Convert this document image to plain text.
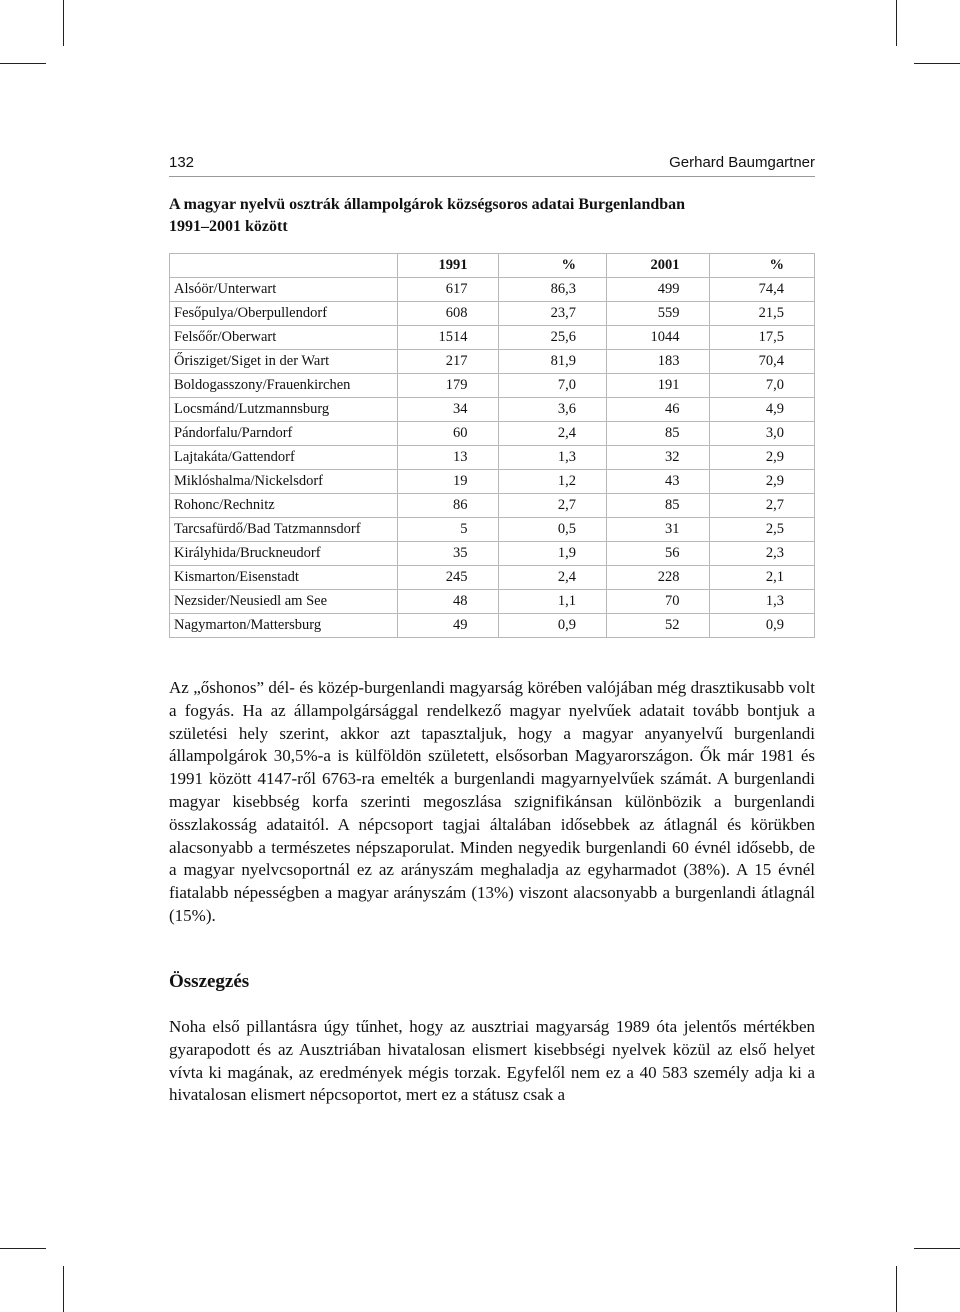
132	Gerhard Baumgartner
A magyar nyelvü osztrák állampolgárok községsoros adatai Burgenlandban
1991–2001 között
	1991	%	2001	%
Alsóör/Unterwart	617	86,3	499	74,4
Fesőpulya/Oberpullendorf	608	23,7	559	21,5
Felsőőr/Oberwart	1514	25,6	1044	17,5
Őrisziget/Siget in der Wart	217	81,9	183	70,4
Boldogasszony/Frauenkirchen	179	7,0	191	7,0
Locsmánd/Lutzmannsburg	34	3,6	46	4,9
Pándorfalu/Parndorf	60	2,4	85	3,0
Lajtakáta/Gattendorf	13	1,3	32	2,9
Miklóshalma/Nickelsdorf	19	1,2	43	2,9
Rohonc/Rechnitz	86	2,7	85	2,7
Tarcsafürdő/Bad Tatzmannsdorf	5	0,5	31	2,5
Királyhida/Bruckneudorf	35	1,9	56	2,3
Kismarton/Eisenstadt	245	2,4	228	2,1
Nezsider/Neusiedl am See	48	1,1	70	1,3
Nagymarton/Mattersburg	49	0,9	52	0,9
Az „őshonos” dél- és közép-burgenlandi magyarság körében valójában még drasztikusabb volt a fogyás. Ha az állampolgársággal rendelkező magyar nyelvűek adatait tovább bontjuk a születési hely szerint, akkor azt tapasztaljuk, hogy a magyar anyanyelvű burgenlandi állampolgárok 30,5%-a is külföldön született, elsősorban Magyarországon. Ők már 1981 és 1991 között 4147-ről 6763-ra emelték a burgenlandi magyarnyelvűek számát. A burgenlandi magyar kisebbség korfa szerinti megoszlása szignifikánsan különbözik a burgenlandi összlakosság adataitól. A népcsoport tagjai általában idősebbek az átlagnál és körükben alacsonyabb a természetes népszaporulat. Minden negyedik burgenlandi 60 évnél idősebb, de a magyar nyelvcsoportnál ez az arányszám meghaladja az egyharmadot (38%). A 15 évnél fiatalabb népességben a magyar arányszám (13%) viszont alacsonyabb a burgenlandi átlagnál (15%).
Összegzés
Noha első pillantásra úgy tűnhet, hogy az ausztriai magyarság 1989 óta jelentős mértékben gyarapodott és az Ausztriában hivatalosan elismert kisebbségi nyelvek közül az első helyet vívta ki magának, az eredmények mégis torzak. Egyfelől nem ez a 40 583 személy adja ki a hivatalosan elismert népcsoportot, mert ez a státusz csak a
